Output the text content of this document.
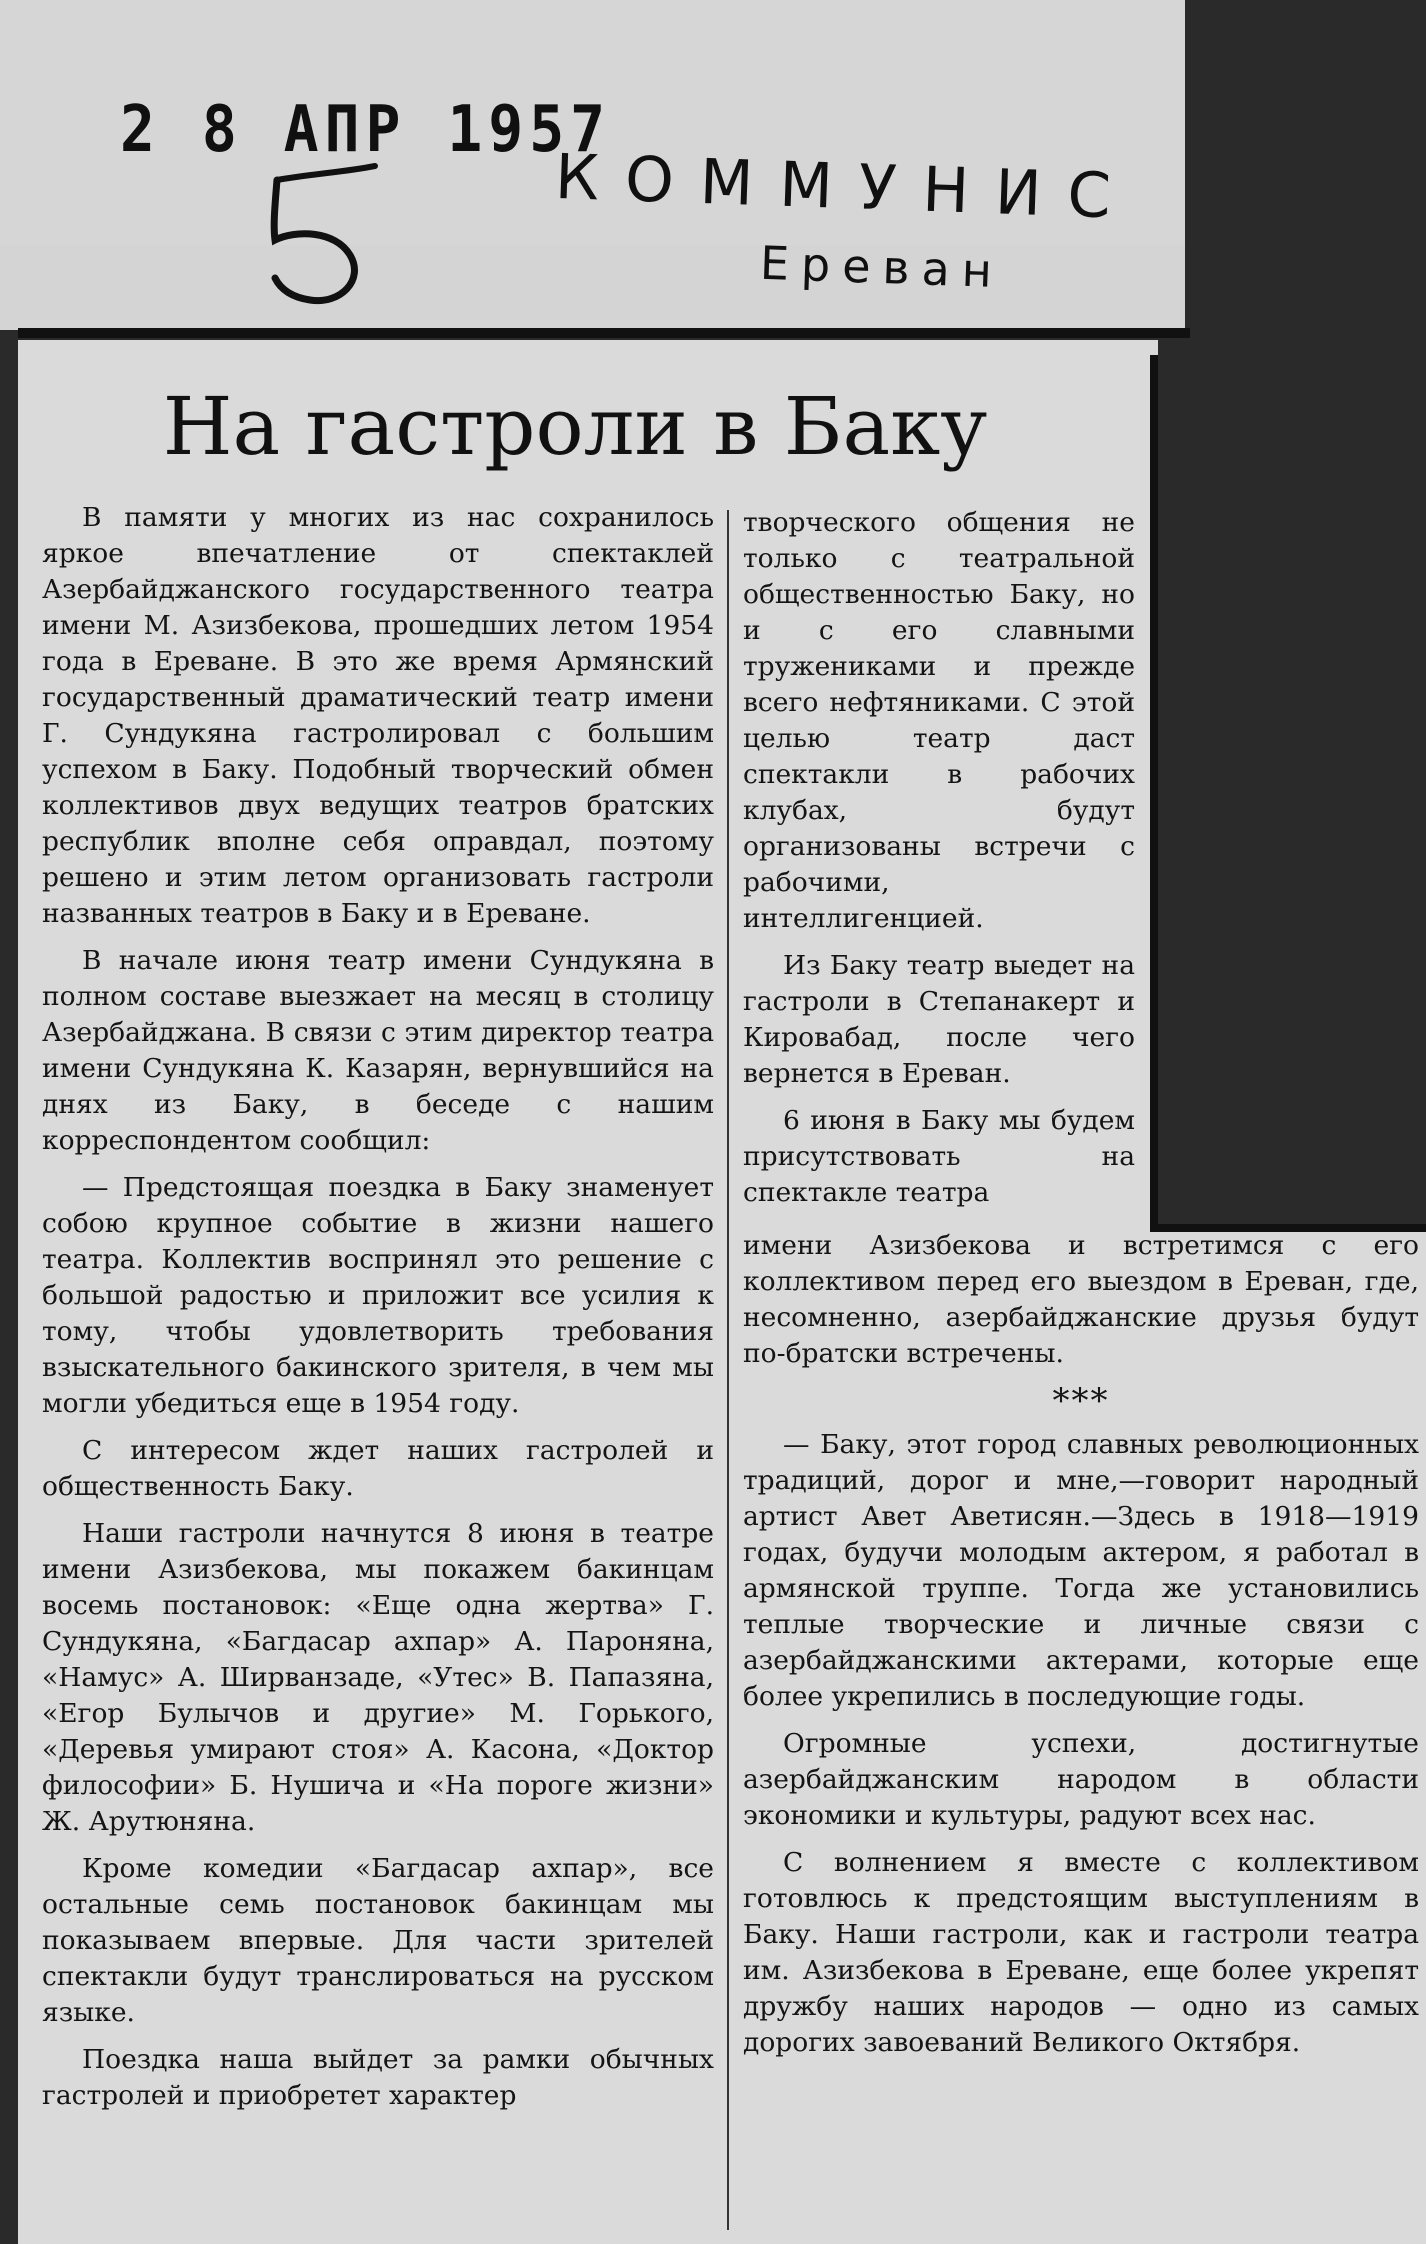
2 8 АПР 1957
КОММУНИС
Ереван
На гастроли в Баку

В памяти у многих из нас сохранилось яркое впечатление от спектаклей Азербайджанского государственного театра имени М. Азизбекова, прошедших летом 1954 года в Ереване. В это же время Армянский государственный драматический театр имени Г. Сундукяна гастролировал с большим успехом в Баку. Подобный творческий обмен коллективов двух ведущих театров братских республик вполне себя оправдал, поэтому решено и этим летом организовать гастроли названных театров в Баку и в Ереване.

В начале июня театр имени Сундукяна в полном составе выезжает на месяц в столицу Азербайджана. В связи с этим директор театра имени Сундукяна К. Казарян, вернувшийся на днях из Баку, в беседе с нашим корреспондентом сообщил:

— Предстоящая поездка в Баку знаменует собою крупное событие в жизни нашего театра. Коллектив воспринял это решение с большой радостью и приложит все усилия к тому, чтобы удовлетворить требования взыскательного бакинского зрителя, в чем мы могли убедиться еще в 1954 году.

С интересом ждет наших гастролей и общественность Баку.

Наши гастроли начнутся 8 июня в театре имени Азизбекова, мы покажем бакинцам восемь постановок: «Еще одна жертва» Г. Сундукяна, «Багдасар ахпар» А. Пароняна, «Намус» А. Ширванзаде, «Утес» В. Папазяна, «Егор Булычов и другие» М. Горького, «Деревья умирают стоя» А. Касона, «Доктор философии» Б. Нушича и «На пороге жизни» Ж. Арутюняна.

Кроме комедии «Багдасар ахпар», все остальные семь постановок бакинцам мы показываем впервые. Для части зрителей спектакли будут транслироваться на русском языке.

Поездка наша выйдет за рамки обычных гастролей и приобретет характер

творческого общения не только с театральной общественностью Баку, но и с его славными тружениками и прежде всего нефтяниками. С этой целью театр даст спектакли в рабочих клубах, будут организованы встречи с рабочими, интеллигенцией.

Из Баку театр выедет на гастроли в Степанакерт и Кировабад, после чего вернется в Ереван.

6 июня в Баку мы будем присутствовать на спектакле театра

имени Азизбекова и встретимся с его коллективом перед его выездом в Ереван, где, несомненно, азербайджанские друзья будут по-братски встречены.

***

— Баку, этот город славных революционных традиций, дорог и мне,—говорит народный артист Авет Аветисян.—Здесь в 1918—1919 годах, будучи молодым актером, я работал в армянской труппе. Тогда же установились теплые творческие и личные связи с азербайджанскими актерами, которые еще более укрепились в последующие годы.

Огромные успехи, достигнутые азербайджанским народом в области экономики и культуры, радуют всех нас.

С волнением я вместе с коллективом готовлюсь к предстоящим выступлениям в Баку. Наши гастроли, как и гастроли театра им. Азизбекова в Ереване, еще более укрепят дружбу наших народов — одно из самых дорогих завоеваний Великого Октября.
